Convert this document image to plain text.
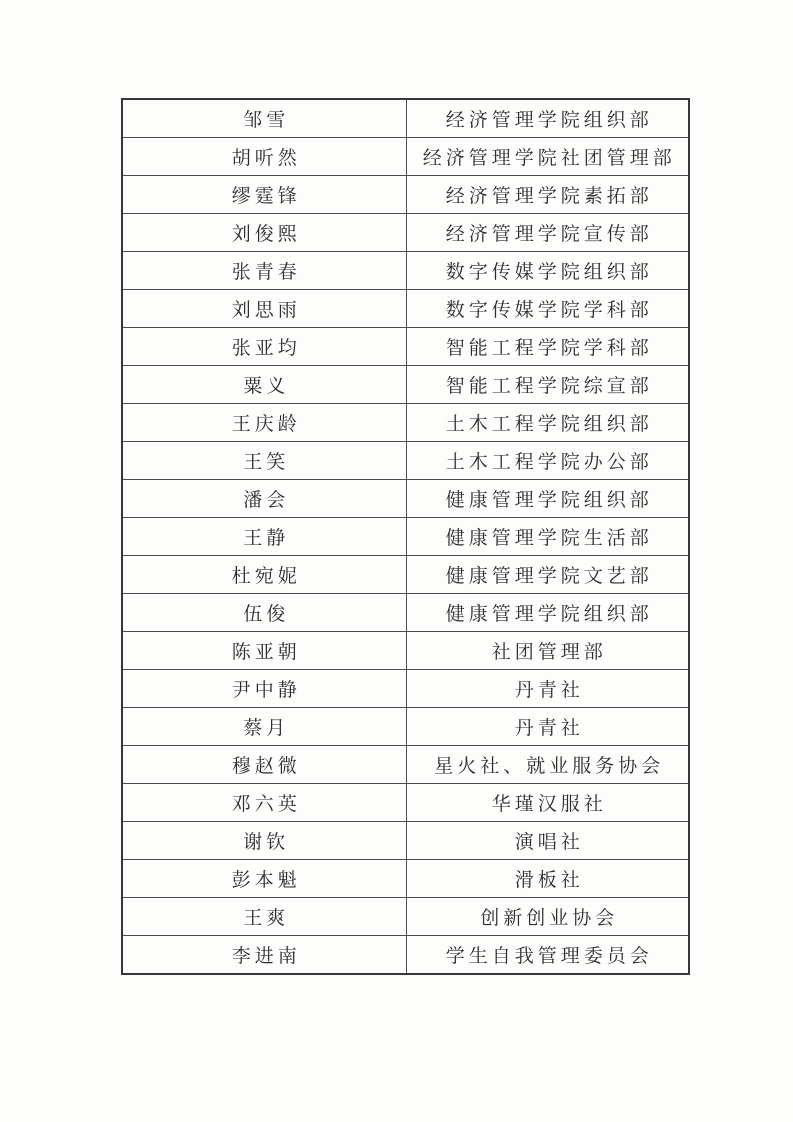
邹雪	经济管理学院组织部
胡听然	经济管理学院社团管理部
缪霆锋	经济管理学院素拓部
刘俊熙	经济管理学院宣传部
张青春	数字传媒学院组织部
刘思雨	数字传媒学院学科部
张亚均	智能工程学院学科部
粟义	智能工程学院综宣部
王庆龄	土木工程学院组织部
王笑	土木工程学院办公部
潘会	健康管理学院组织部
王静	健康管理学院生活部
杜宛妮	健康管理学院文艺部
伍俊	健康管理学院组织部
陈亚朝	社团管理部
尹中静	丹青社
蔡月	丹青社
穆赵微	星火社、就业服务协会
邓六英	华瑾汉服社
谢钦	演唱社
彭本魁	滑板社
王爽	创新创业协会
李进南	学生自我管理委员会
